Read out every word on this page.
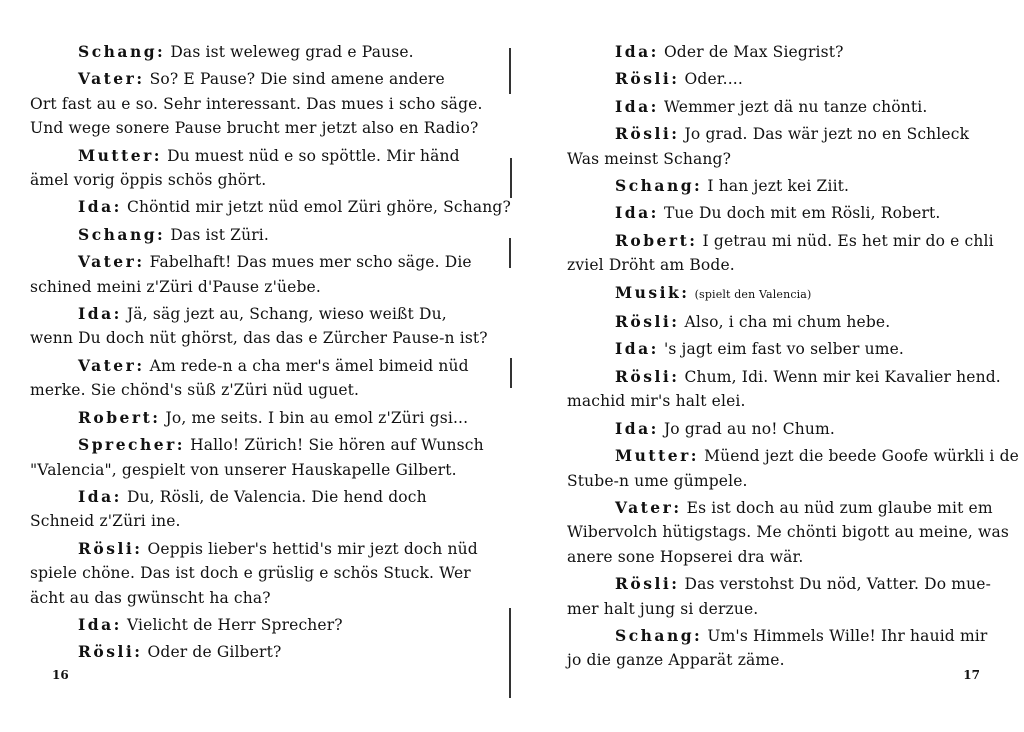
Schang: Das ist weleweg grad e Pause.
Vater: So? E Pause? Die sind amene andere
Ort fast au e so. Sehr interessant. Das mues i scho säge.
Und wege sonere Pause brucht mer jetzt also en Radio?
Mutter: Du muest nüd e so spöttle. Mir händ
ämel vorig öppis schös ghört.
Ida: Chöntid mir jetzt nüd emol Züri ghöre, Schang?
Schang: Das ist Züri.
Vater: Fabelhaft! Das mues mer scho säge. Die
schined meini z'Züri d'Pause z'üebe.
Ida: Jä, säg jezt au, Schang, wieso weißt Du,
wenn Du doch nüt ghörst, das das e Zürcher Pause-n ist?
Vater: Am rede-n a cha mer's ämel bimeid nüd
merke. Sie chönd's süß z'Züri nüd uguet.
Robert: Jo, me seits. I bin au emol z'Züri gsi...
Sprecher: Hallo! Zürich! Sie hören auf Wunsch
"Valencia", gespielt von unserer Hauskapelle Gilbert.
Ida: Du, Rösli, de Valencia. Die hend doch
Schneid z'Züri ine.
Rösli: Oeppis lieber's hettid's mir jezt doch nüd
spiele chöne. Das ist doch e grüslig e schös Stuck. Wer
ächt au das gwünscht ha cha?
Ida: Vielicht de Herr Sprecher?
Rösli: Oder de Gilbert?
Ida: Oder de Max Siegrist?
Rösli: Oder....
Ida: Wemmer jezt dä nu tanze chönti.
Rösli: Jo grad. Das wär jezt no en Schleck
Was meinst Schang?
Schang: I han jezt kei Ziit.
Ida: Tue Du doch mit em Rösli, Robert.
Robert: I getrau mi nüd. Es het mir do e chli
zviel Dröht am Bode.
Musik: (spielt den Valencia)
Rösli: Also, i cha mi chum hebe.
Ida: 's jagt eim fast vo selber ume.
Rösli: Chum, Idi. Wenn mir kei Kavalier hend.
machid mir's halt elei.
Ida: Jo grad au no! Chum.
Mutter: Müend jezt die beede Goofe würkli i de
Stube-n ume gümpele.
Vater: Es ist doch au nüd zum glaube mit em
Wibervolch hütigstags. Me chönti bigott au meine, was
anere sone Hopserei dra wär.
Rösli: Das verstohst Du nöd, Vatter. Do mue-
mer halt jung si derzue.
Schang: Um's Himmels Wille! Ihr hauid mir
jo die ganze Apparät zäme.
16	17
